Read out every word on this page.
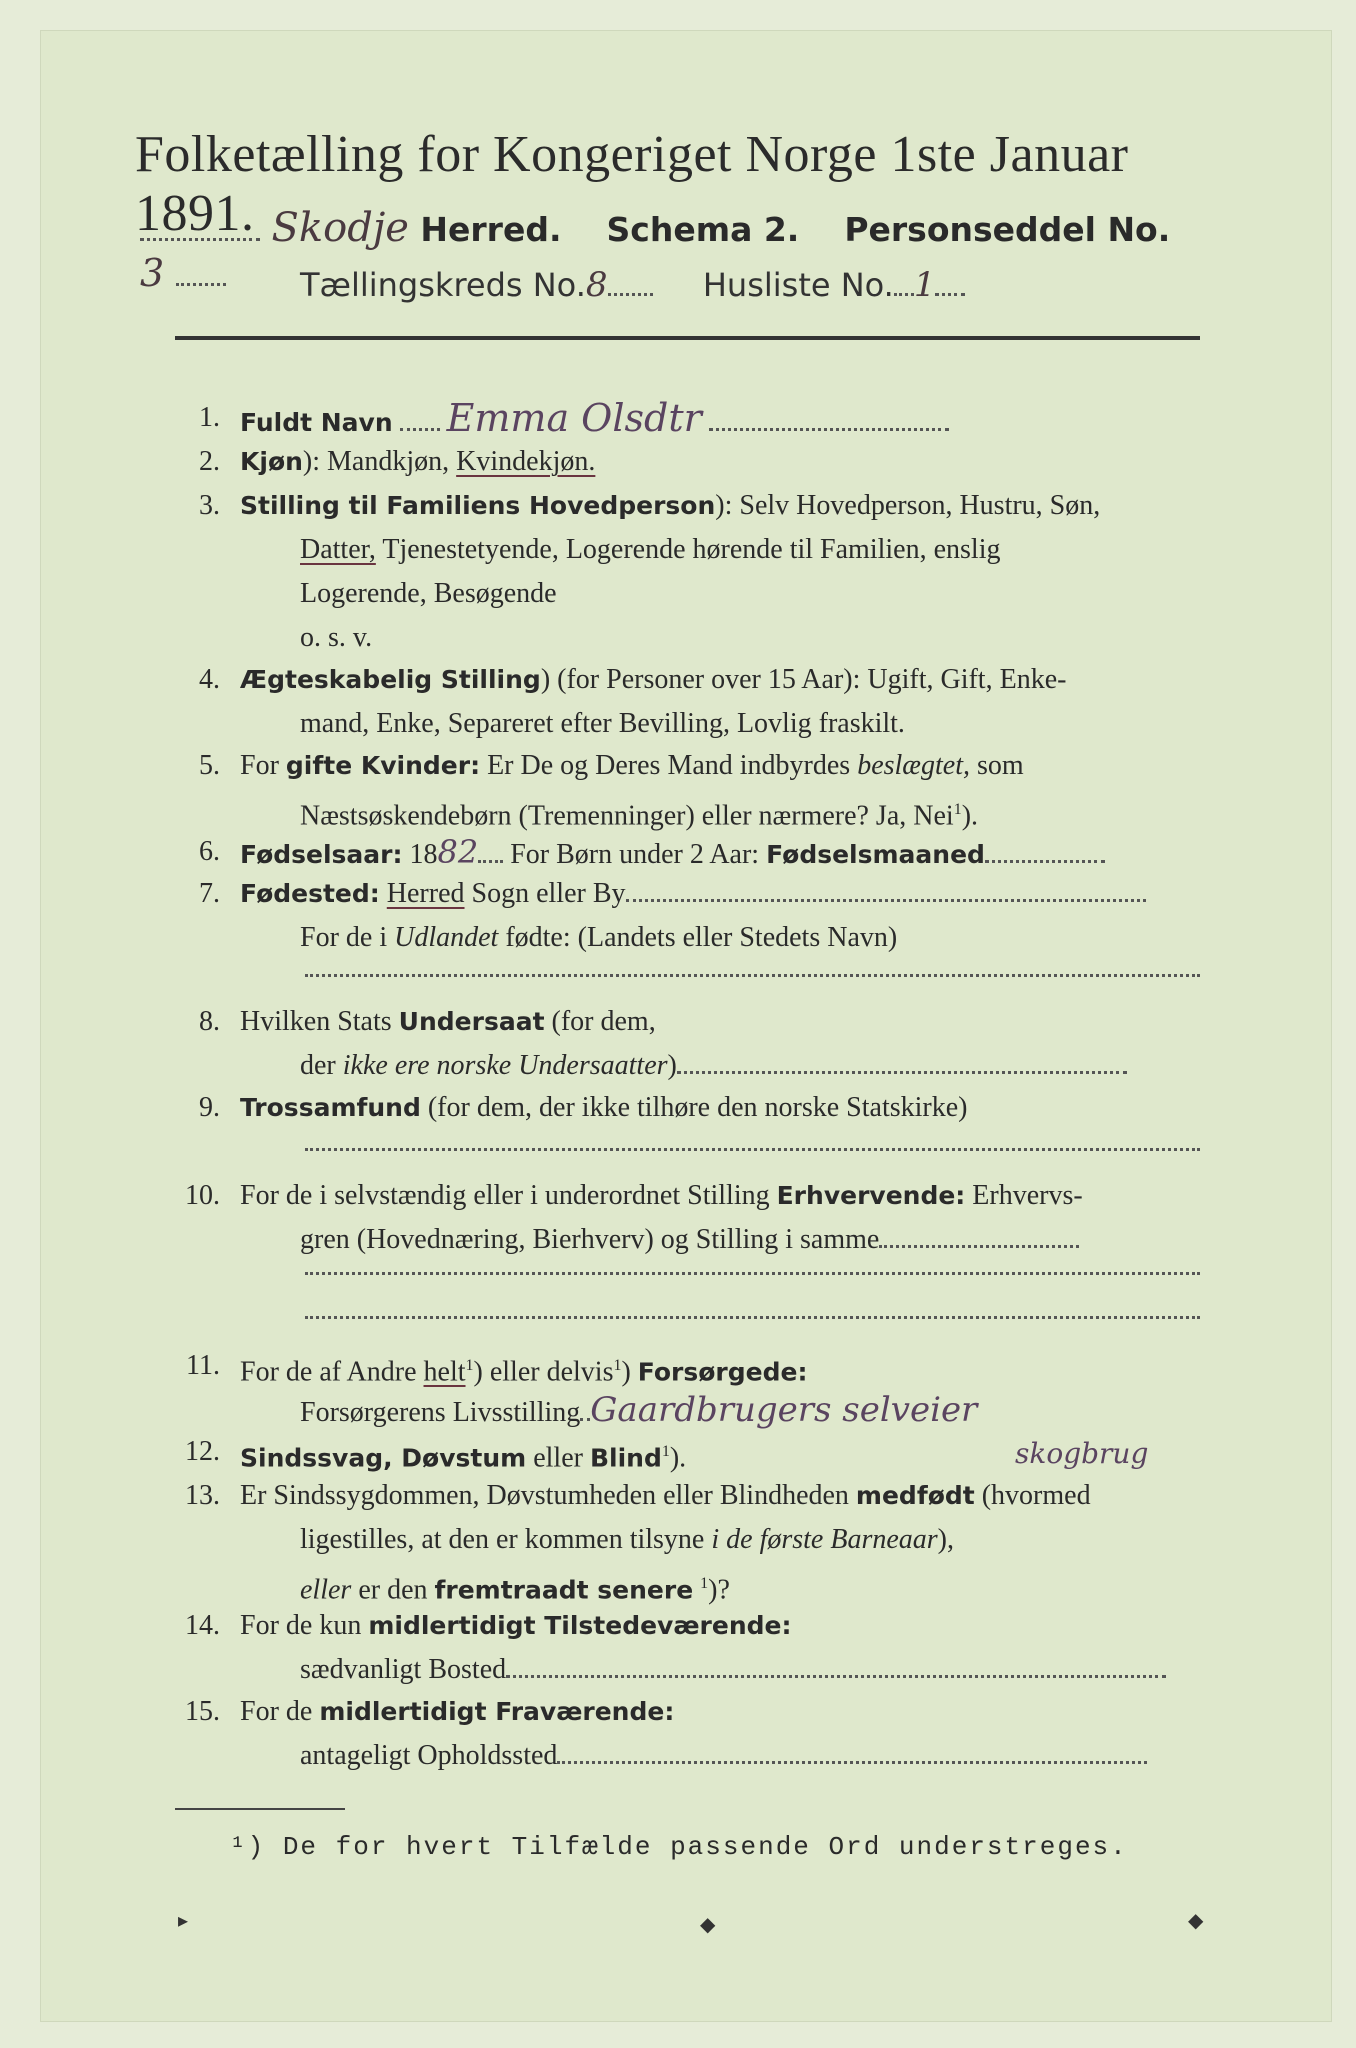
Folketælling for Kongeriget Norge 1ste Januar 1891. Skodje Herred. Schema 2. Personseddel No. 3	Tællingskreds No.8	Husliste No. 1
1. Fuldt Navn Emma Olsdtr
2. Kjøn): Mandkjøn, Kvindekjøn.
3. Stilling til Familiens Hovedperson): Selv Hovedperson, Hustru, Søn,
Datter, Tjenestetyende, Logerende hørende til Familien, enslig
Logerende, Besøgende
o. s. v.
4. Ægteskabelig Stilling) (for Personer over 15 Aar): Ugift, Gift, Enke-
mand, Enke, Separeret efter Bevilling, Lovlig fraskilt.
5. For gifte Kvinder: Er De og Deres Mand indbyrdes beslægtet, som
Næstsøskendebørn (Tremenninger) eller nærmere? Ja, Nei$^1$).
6. Fødselsaar: 1882 For Børn under 2 Aar: Fødselsmaaned
7. Fødested: Herred Sogn eller By
For de i Udlandet fødte: (Landets eller Stedets Navn)
8. Hvilken Stats Undersaat (for dem,
der ikke ere norske Undersaatter)
9. Trossamfund (for dem, der ikke tilhøre den norske Statskirke)
10. For de i selvstændig eller i underordnet Stilling Erhvervende: Erhvervs-
gren (Hovednæring, Bierhverv) og Stilling i samme
11. For de af Andre helt$^1$) eller delvis$^1$) Forsørgede:
Forsørgerens Livsstilling Gaardbrugers selveier
skogbrug
12. Sindssvag, Døvstum eller Blind$^1$).
13. Er Sindssygdommen, Døvstumheden eller Blindheden medfødt (hvormed
ligestilles, at den er kommen tilsyne i de første Barneaar),
eller er den fremtraadt senere $^1$)?
14. For de kun midlertidigt Tilstedeværende:
sædvanligt Bosted
15. For de midlertidigt Fraværende:
antageligt Opholdssted
¹) De for hvert Tilfælde passende Ord understreges.
▸	◆	◆
